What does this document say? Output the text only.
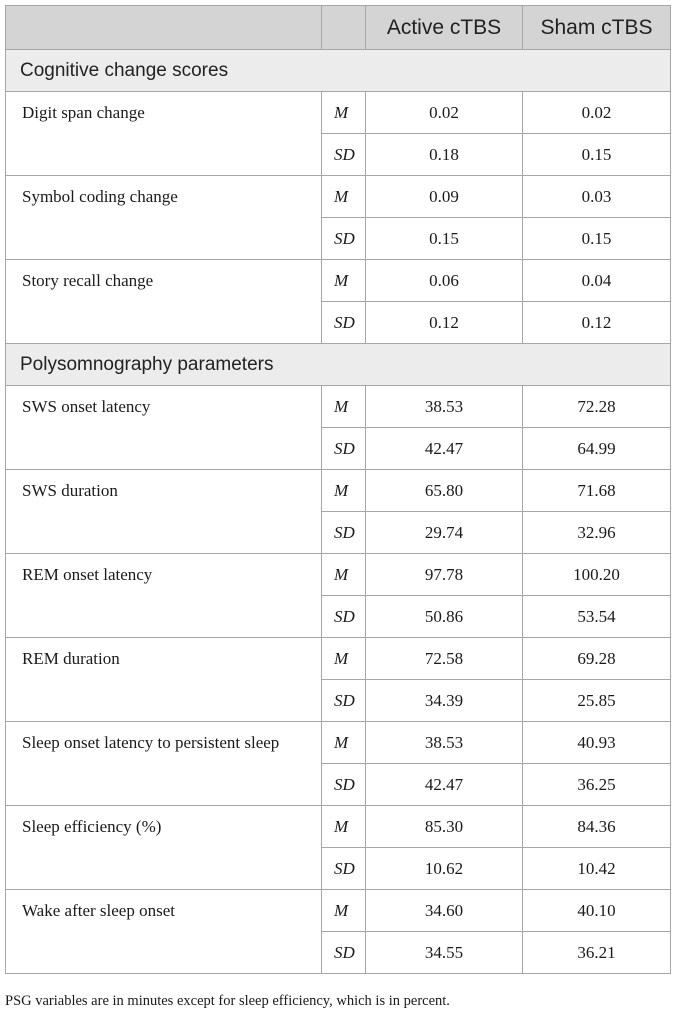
		Active cTBS	Sham cTBS
Cognitive change scores			
Digit span change	M	0.02	0.02
	SD	0.18	0.15
Symbol coding change	M	0.09	0.03
	SD	0.15	0.15
Story recall change	M	0.06	0.04
	SD	0.12	0.12
Polysomnography parameters			
SWS onset latency	M	38.53	72.28
	SD	42.47	64.99
SWS duration	M	65.80	71.68
	SD	29.74	32.96
REM onset latency	M	97.78	100.20
	SD	50.86	53.54
REM duration	M	72.58	69.28
	SD	34.39	25.85
Sleep onset latency to persistent sleep	M	38.53	40.93
	SD	42.47	36.25
Sleep efficiency (%)	M	85.30	84.36
	SD	10.62	10.42
Wake after sleep onset	M	34.60	40.10
	SD	34.55	36.21
PSG variables are in minutes except for sleep efficiency, which is in percent.
